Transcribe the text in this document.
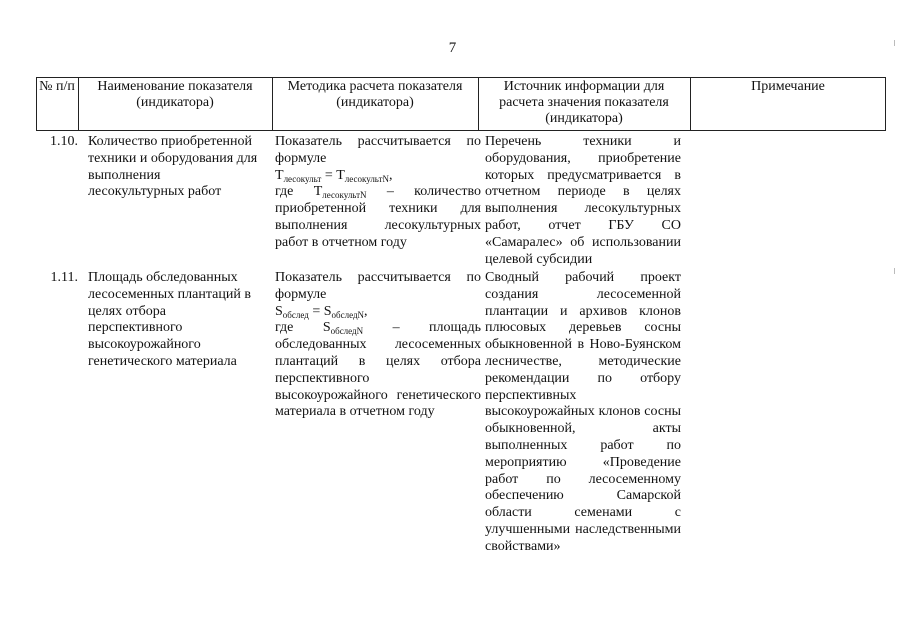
7
№ п/п	Наименование показателя (индикатора)
Методика расчета показателя (индикатора)
Источник информации для расчета значения показателя (индикатора)
Примечание
1.10. Количество приобретенной техники и оборудования для выполнения лесокультурных работ
Показатель рассчитывается по формуле
$Т_{лесокульт} = Т_{лесокультN}$,
где $Т_{лесокультN}$ – количество приобретенной техники для выполнения лесокультурных работ в отчетном году
Перечень техники и оборудования, приобретение которых предусматривается в отчетном периоде в целях выполнения лесокультурных работ, отчет ГБУ СО «Самаралес» об использовании целевой субсидии
1.11. Площадь обследованных лесосеменных плантаций в целях отбора перспективного высокоурожайного генетического материала
Показатель рассчитывается по формуле
$S_{обслед} = S_{обследN}$,
где $S_{обследN}$ – площадь обследованных лесосеменных плантаций в целях отбора перспективного высокоурожайного генетического материала в отчетном году
Сводный рабочий проект создания лесосеменной плантации и архивов клонов плюсовых деревьев сосны обыкновенной в Ново-Буянском лесничестве, методические рекомендации по отбору перспективных высокоурожайных клонов сосны обыкновенной, акты выполненных работ по мероприятию «Проведение работ по лесосеменному обеспечению Самарской области семенами с улучшенными наследственными свойствами»
